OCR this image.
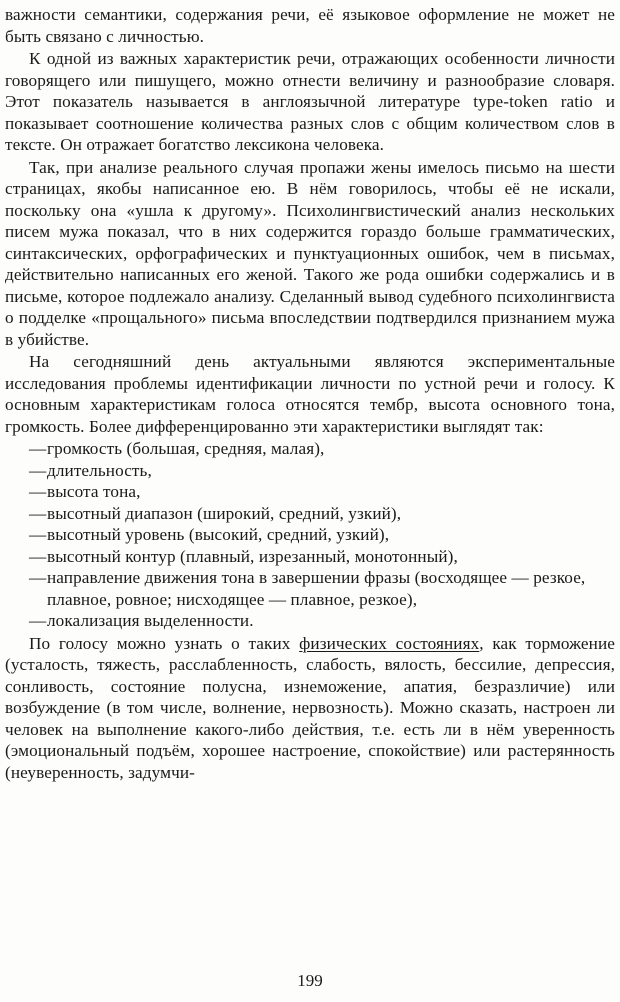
важности семантики, содержания речи, её языковое оформление не может не быть связано с личностью.

К одной из важных характеристик речи, отражающих особенности личности говорящего или пишущего, можно отнести величину и разнообразие словаря. Этот показатель называется в англоязычной литературе type-token ratio и показывает соотношение количества разных слов с общим количеством слов в тексте. Он отражает богатство лексикона человека.

Так, при анализе реального случая пропажи жены имелось письмо на шести страницах, якобы написанное ею. В нём говорилось, чтобы её не искали, поскольку она «ушла к другому». Психолингвистический анализ нескольких писем мужа показал, что в них содержится гораздо больше грамматических, синтаксических, орфографических и пунктуационных ошибок, чем в письмах, действительно написанных его женой. Такого же рода ошибки содержались и в письме, которое подлежало анализу. Сделанный вывод судебного психолингвиста о подделке «прощального» письма впоследствии подтвердился признанием мужа в убийстве.

На сегодняшний день актуальными являются экспериментальные исследования проблемы идентификации личности по устной речи и голосу. К основным характеристикам голоса относятся тембр, высота основного тона, громкость. Более дифференцированно эти характеристики выглядят так:

—громкость (большая, средняя, малая),
—длительность,
—высота тона,
—высотный диапазон (широкий, средний, узкий),
—высотный уровень (высокий, средний, узкий),
—высотный контур (плавный, изрезанный, монотонный),
—направление движения тона в завершении фразы (восходящее — резкое, плавное, ровное; нисходящее — плавное, резкое),
—локализация выделенности.

По голосу можно узнать о таких физических состояниях, как торможение (усталость, тяжесть, расслабленность, слабость, вялость, бессилие, депрессия, сонливость, состояние полусна, изнеможение, апатия, безразличие) или возбуждение (в том числе, волнение, нервозность). Можно сказать, настроен ли человек на выполнение какого-либо действия, т.е. есть ли в нём уверенность (эмоциональный подъём, хорошее настроение, спокойствие) или растерянность (неуверенность, задумчи-

199
